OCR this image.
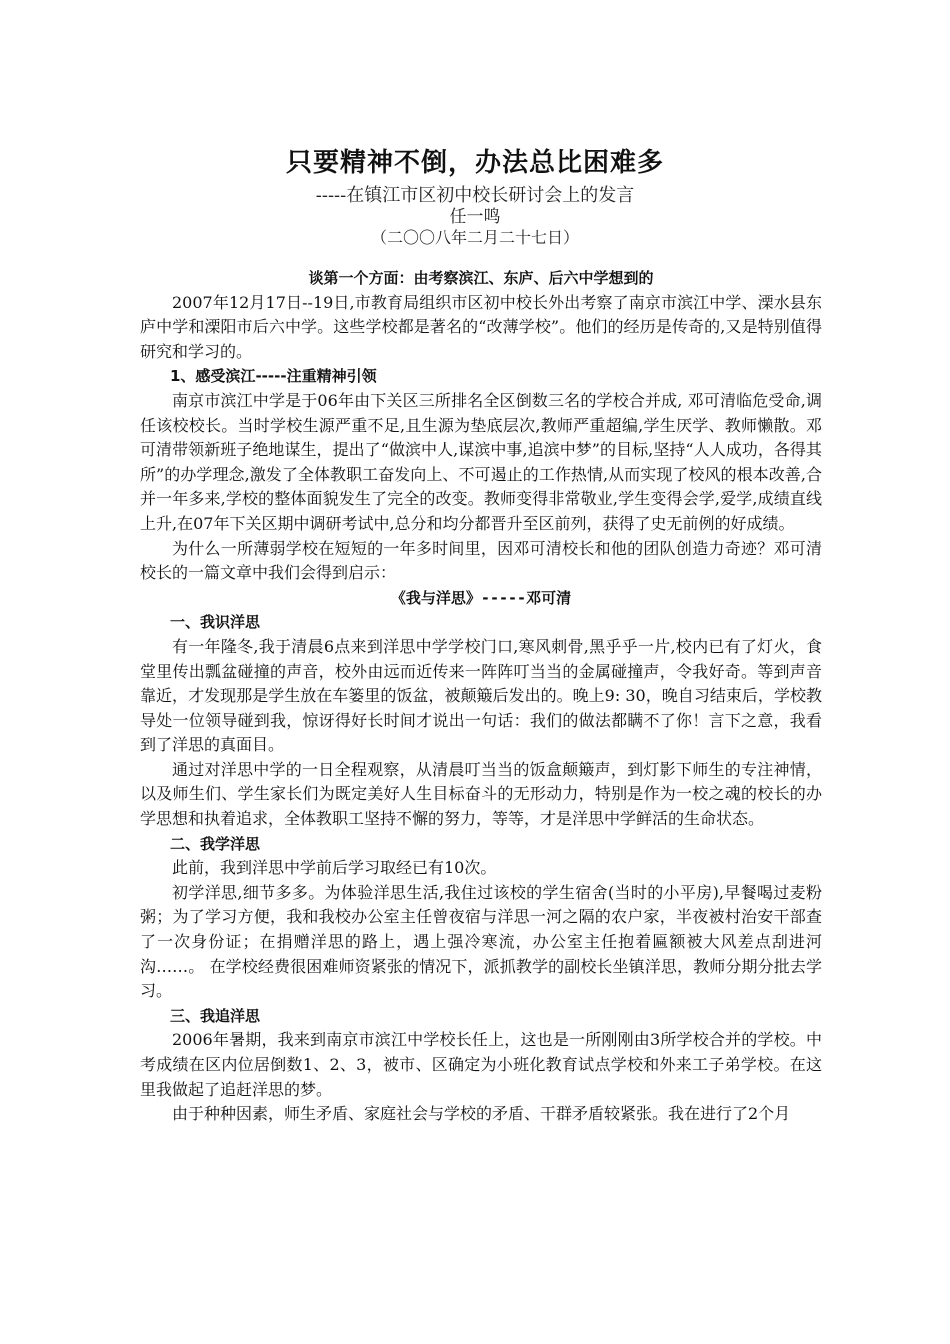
只要精神不倒，办法总比困难多
-----在镇江市区初中校长研讨会上的发言
任一鸣
（二〇〇八年二月二十七日）

谈第一个方面：由考察滨江、东庐、后六中学想到的

2007年12月17日--19日,市教育局组织市区初中校长外出考察了南京市滨江中学、溧水县东庐中学和溧阳市后六中学。这些学校都是著名的“改薄学校”。他们的经历是传奇的,又是特别值得研究和学习的。

1、感受滨江-----注重精神引领

南京市滨江中学是于06年由下关区三所排名全区倒数三名的学校合并成, 邓可清临危受命,调任该校校长。当时学校生源严重不足,且生源为垫底层次,教师严重超编,学生厌学、教师懒散。邓可清带领新班子绝地谋生，提出了“做滨中人,谋滨中事,追滨中梦”的目标,坚持“人人成功，各得其所”的办学理念,激发了全体教职工奋发向上、不可遏止的工作热情,从而实现了校风的根本改善,合并一年多来,学校的整体面貌发生了完全的改变。教师变得非常敬业,学生变得会学,爱学,成绩直线上升,在07年下关区期中调研考试中,总分和均分都晋升至区前列，获得了史无前例的好成绩。

为什么一所薄弱学校在短短的一年多时间里，因邓可清校长和他的团队创造力奇迹？邓可清校长的一篇文章中我们会得到启示：

《我与洋思》-----邓可清

一、我识洋思

有一年隆冬,我于清晨6点来到洋思中学学校门口,寒风刺骨,黑乎乎一片,校内已有了灯火，食堂里传出瓢盆碰撞的声音，校外由远而近传来一阵阵叮当当的金属碰撞声，令我好奇。等到声音靠近，才发现那是学生放在车篓里的饭盆，被颠簸后发出的。晚上9: 30，晚自习结束后，学校教导处一位领导碰到我，惊讶得好长时间才说出一句话：我们的做法都瞒不了你！言下之意，我看到了洋思的真面目。

通过对洋思中学的一日全程观察，从清晨叮当当的饭盒颠簸声，到灯影下师生的专注神情，以及师生们、学生家长们为既定美好人生目标奋斗的无形动力，特别是作为一校之魂的校长的办学思想和执着追求，全体教职工坚持不懈的努力，等等，才是洋思中学鲜活的生命状态。

二、我学洋思

此前，我到洋思中学前后学习取经已有10次。

初学洋思,细节多多。为体验洋思生活,我住过该校的学生宿舍(当时的小平房),早餐喝过麦粉粥；为了学习方便，我和我校办公室主任曾夜宿与洋思一河之隔的农户家，半夜被村治安干部查了一次身份证；在捐赠洋思的路上，遇上强冷寒流，办公室主任抱着匾额被大风差点刮进河沟……。 在学校经费很困难师资紧张的情况下，派抓教学的副校长坐镇洋思，教师分期分批去学习。

三、我追洋思

2006年暑期，我来到南京市滨江中学校长任上，这也是一所刚刚由3所学校合并的学校。中考成绩在区内位居倒数1、2、3，被市、区确定为小班化教育试点学校和外来工子弟学校。在这里我做起了追赶洋思的梦。

由于种种因素，师生矛盾、家庭社会与学校的矛盾、干群矛盾较紧张。我在进行了2个月
